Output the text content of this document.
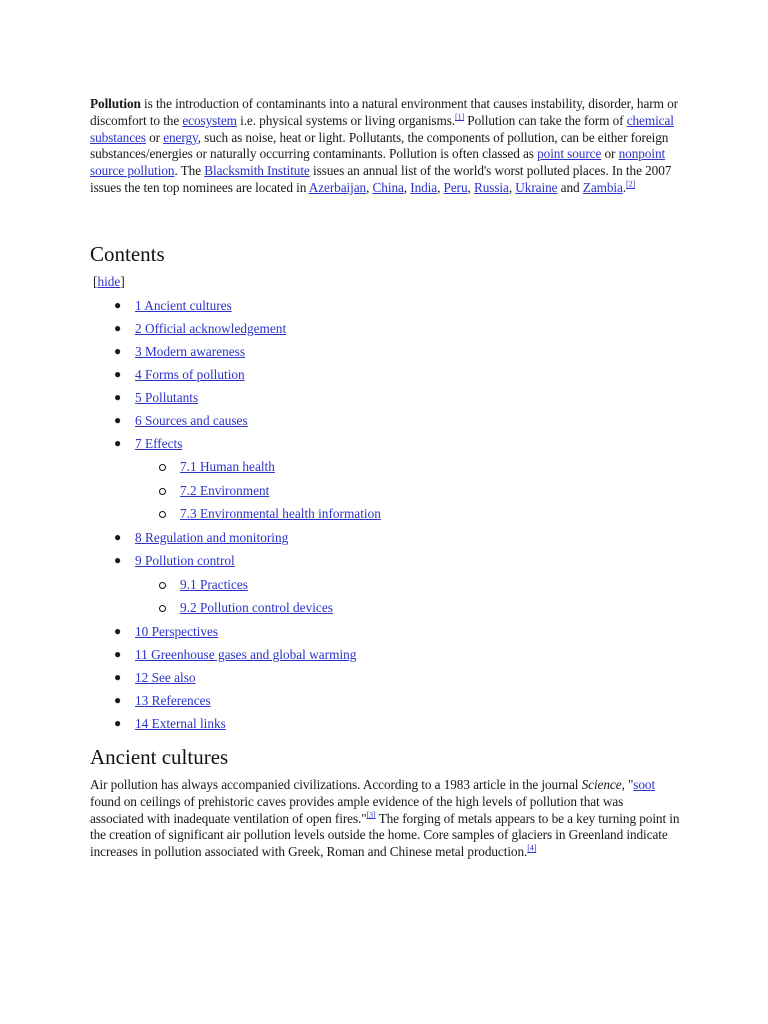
Pollution is the introduction of contaminants into a natural environment that causes instability, disorder, harm or discomfort to the ecosystem i.e. physical systems or living organisms.[1] Pollution can take the form of chemical substances or energy, such as noise, heat or light. Pollutants, the components of pollution, can be either foreign substances/energies or naturally occurring contaminants. Pollution is often classed as point source or nonpoint source pollution. The Blacksmith Institute issues an annual list of the world's worst polluted places. In the 2007 issues the ten top nominees are located in Azerbaijan, China, India, Peru, Russia, Ukraine and Zambia.[2]
Contents
[hide]
● 1 Ancient cultures
● 2 Official acknowledgement
● 3 Modern awareness
● 4 Forms of pollution
● 5 Pollutants
● 6 Sources and causes
● 7 Effects
7.1 Human health
7.2 Environment
7.3 Environmental health information
● 8 Regulation and monitoring
● 9 Pollution control
9.1 Practices
9.2 Pollution control devices
● 10 Perspectives
● 11 Greenhouse gases and global warming
● 12 See also
● 13 References
● 14 External links
Ancient cultures
Air pollution has always accompanied civilizations. According to a 1983 article in the journal Science, "soot found on ceilings of prehistoric caves provides ample evidence of the high levels of pollution that was associated with inadequate ventilation of open fires."[3] The forging of metals appears to be a key turning point in the creation of significant air pollution levels outside the home. Core samples of glaciers in Greenland indicate increases in pollution associated with Greek, Roman and Chinese metal production.[4]
